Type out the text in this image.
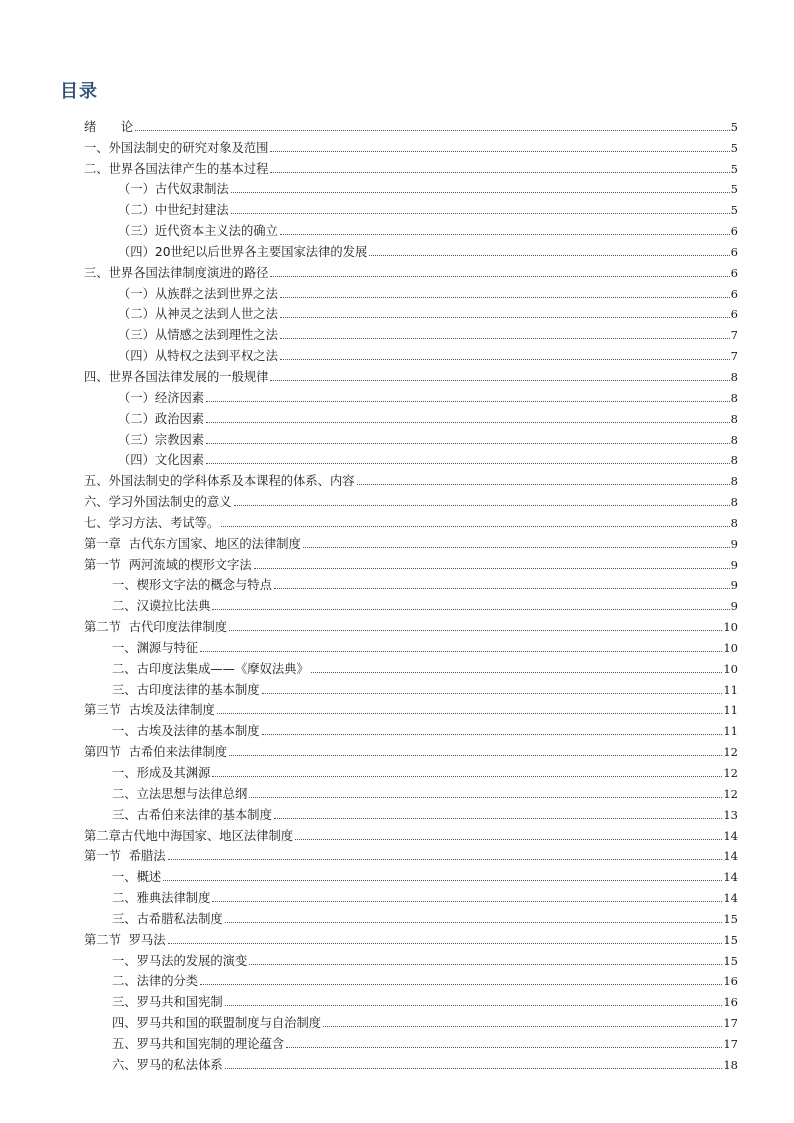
目录
绪　　论	5
一、外国法制史的研究对象及范围	5
二、世界各国法律产生的基本过程	5
（一）古代奴隶制法	5
（二）中世纪封建法	5
（三）近代资本主义法的确立	6
（四）20世纪以后世界各主要国家法律的发展	6
三、世界各国法律制度演进的路径	6
（一）从族群之法到世界之法	6
（二）从神灵之法到人世之法	6
（三）从情感之法到理性之法	7
（四）从特权之法到平权之法	7
四、世界各国法律发展的一般规律	8
（一）经济因素	8
（二）政治因素	8
（三）宗教因素	8
（四）文化因素	8
五、外国法制史的学科体系及本课程的体系、内容	8
六、学习外国法制史的意义	8
七、学习方法、考试等。	8
第一章  古代东方国家、地区的法律制度	9
第一节  两河流域的楔形文字法	9
一、楔形文字法的概念与特点	9
二、汉谟拉比法典	9
第二节  古代印度法律制度	10
一、渊源与特征	10
二、古印度法集成——《摩奴法典》	10
三、古印度法律的基本制度	11
第三节  古埃及法律制度	11
一、古埃及法律的基本制度	11
第四节  古希伯来法律制度	12
一、形成及其渊源	12
二、立法思想与法律总纲	12
三、古希伯来法律的基本制度	13
第二章古代地中海国家、地区法律制度	14
第一节  希腊法	14
一、概述	14
二、雅典法律制度	14
三、古希腊私法制度	15
第二节  罗马法	15
一、罗马法的发展的演变	15
二、法律的分类	16
三、罗马共和国宪制	16
四、罗马共和国的联盟制度与自治制度	17
五、罗马共和国宪制的理论蕴含	17
六、罗马的私法体系	18
